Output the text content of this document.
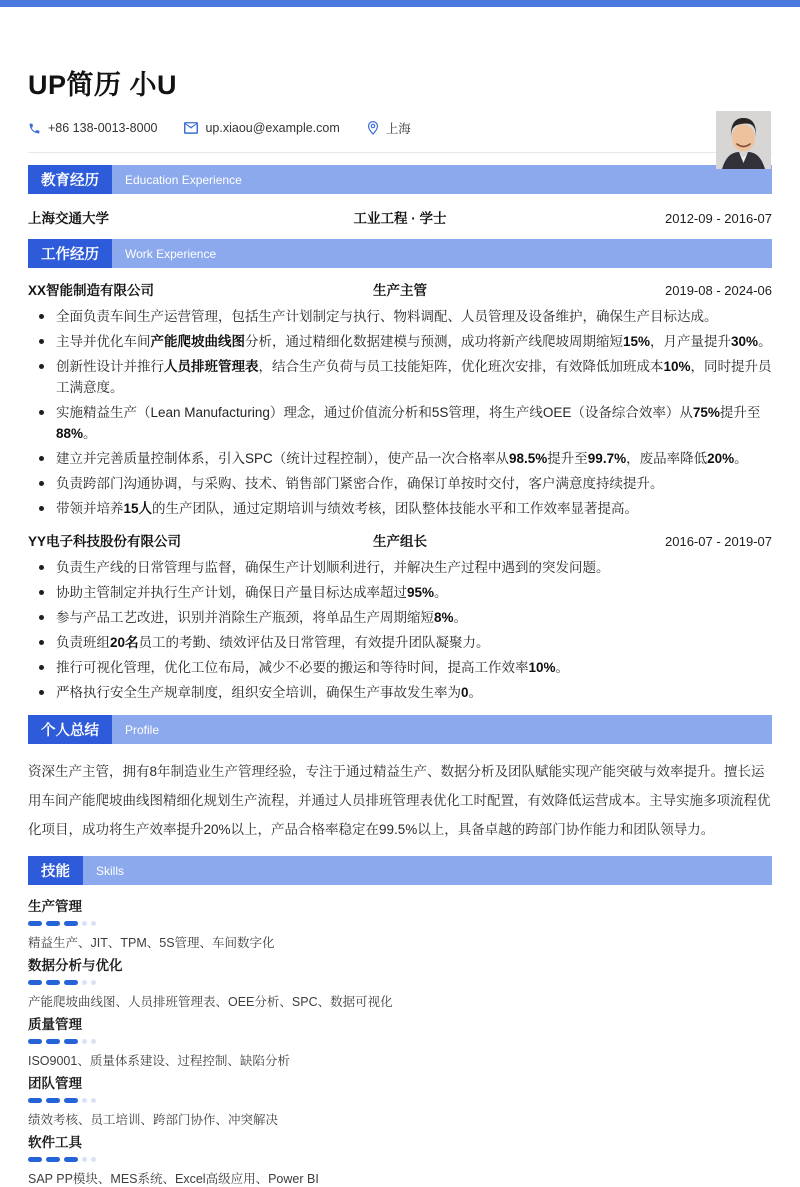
UP简历 小U
+86 138-0013-8000	up.xiaou@example.com	上海
教育经历	Education Experience
上海交通大学	工业工程 · 学士	2012-09 - 2016-07
工作经历	Work Experience
XX智能制造有限公司	生产主管	2019-08 - 2024-06
全面负责车间生产运营管理，包括生产计划制定与执行、物料调配、人员管理及设备维护，确保生产目标达成。
主导并优化车间产能爬坡曲线图分析，通过精细化数据建模与预测，成功将新产线爬坡周期缩短15%，月产量提升30%。
创新性设计并推行人员排班管理表，结合生产负荷与员工技能矩阵，优化班次安排，有效降低加班成本10%，同时提升员工满意度。
实施精益生产（Lean Manufacturing）理念，通过价值流分析和5S管理，将生产线OEE（设备综合效率）从75%提升至88%。
建立并完善质量控制体系，引入SPC（统计过程控制），使产品一次合格率从98.5%提升至99.7%，废品率降低20%。
负责跨部门沟通协调，与采购、技术、销售部门紧密合作，确保订单按时交付，客户满意度持续提升。
带领并培养15人的生产团队，通过定期培训与绩效考核，团队整体技能水平和工作效率显著提高。
YY电子科技股份有限公司	生产组长	2016-07 - 2019-07
负责生产线的日常管理与监督，确保生产计划顺利进行，并解决生产过程中遇到的突发问题。
协助主管制定并执行生产计划，确保日产量目标达成率超过95%。
参与产品工艺改进，识别并消除生产瓶颈，将单品生产周期缩短8%。
负责班组20名员工的考勤、绩效评估及日常管理，有效提升团队凝聚力。
推行可视化管理，优化工位布局，减少不必要的搬运和等待时间，提高工作效率10%。
严格执行安全生产规章制度，组织安全培训，确保生产事故发生率为0。
个人总结	Profile

资深生产主管，拥有8年制造业生产管理经验，专注于通过精益生产、数据分析及团队赋能实现产能突破与效率提升。擅长运用车间产能爬坡曲线图精细化规划生产流程，并通过人员排班管理表优化工时配置，有效降低运营成本。主导实施多项流程优化项目，成功将生产效率提升20%以上，产品合格率稳定在99.5%以上，具备卓越的跨部门协作能力和团队领导力。

技能	Skills
生产管理
精益生产、JIT、TPM、5S管理、车间数字化
数据分析与优化
产能爬坡曲线图、人员排班管理表、OEE分析、SPC、数据可视化
质量管理
ISO9001、质量体系建设、过程控制、缺陷分析
团队管理
绩效考核、员工培训、跨部门协作、冲突解决
软件工具
SAP PP模块、MES系统、Excel高级应用、Power BI
